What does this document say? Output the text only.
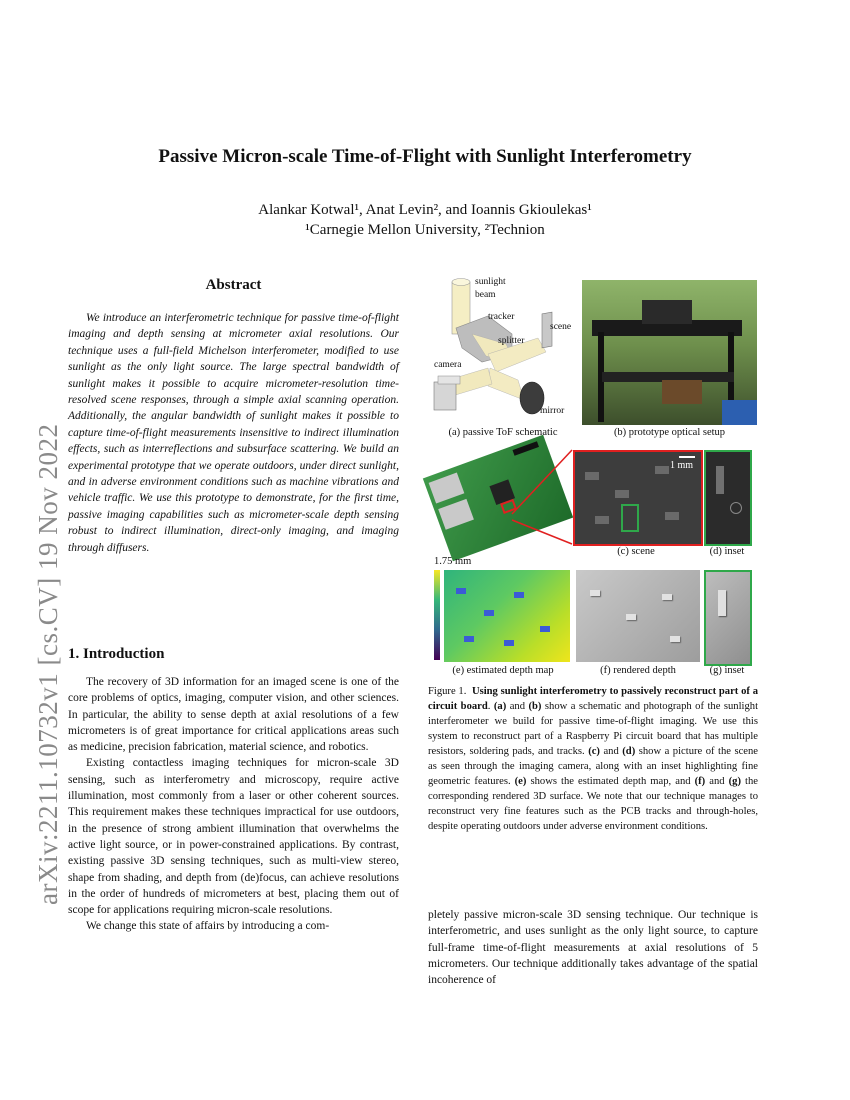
Passive Micron-scale Time-of-Flight with Sunlight Interferometry
Alankar Kotwal¹, Anat Levin², and Ioannis Gkioulekas¹
¹Carnegie Mellon University, ²Technion
arXiv:2211.10732v1 [cs.CV] 19 Nov 2022
Abstract

We introduce an interferometric technique for passive time-of-flight imaging and depth sensing at micrometer axial resolutions. Our technique uses a full-field Michelson interferometer, modified to use sunlight as the only light source. The large spectral bandwidth of sunlight makes it possible to acquire micrometer-resolution time-resolved scene responses, through a simple axial scanning operation. Additionally, the angular bandwidth of sunlight makes it possible to capture time-of-flight measurements insensitive to indirect illumination effects, such as interreflections and subsurface scattering. We build an experimental prototype that we operate outdoors, under direct sunlight, and in adverse environment conditions such as machine vibrations and vehicle traffic. We use this prototype to demonstrate, for the first time, passive imaging capabilities such as micrometer-scale depth sensing robust to indirect illumination, direct-only imaging, and imaging through diffusers.

1. Introduction

The recovery of 3D information for an imaged scene is one of the core problems of optics, imaging, computer vision, and other sciences. In particular, the ability to sense depth at axial resolutions of a few micrometers is of great importance for critical applications areas such as medicine, precision fabrication, material science, and robotics.

Existing contactless imaging techniques for micron-scale 3D sensing, such as interferometry and microscopy, require active illumination, most commonly from a laser or other coherent sources. This requirement makes these techniques impractical for use outdoors, in the presence of strong ambient illumination that overwhelms the active light source, or in power-constrained applications. By contrast, existing passive 3D sensing techniques, such as multi-view stereo, shape from shading, and depth from (de)focus, can achieve resolutions in the order of hundreds of micrometers at best, placing them out of scope for applications requiring micron-scale resolutions.

We change this state of affairs by introducing a com-

pletely passive micron-scale 3D sensing technique. Our technique is interferometric, and uses sunlight as the only light source, to capture full-frame time-of-flight measurements at axial resolutions of 5 micrometers. Our technique additionally takes advantage of the spatial incoherence of

sunlight
beam
tracker
scene
splitter
camera
mirror
(a) passive ToF schematic	(b) prototype optical setup
1 mm
(c) scene	(d) inset
1.75 mm
(e) estimated depth map	(f) rendered depth	(g) inset
Figure 1. Using sunlight interferometry to passively reconstruct part of a circuit board. (a) and (b) show a schematic and photograph of the sunlight interferometer we build for passive time-of-flight imaging. We use this system to reconstruct part of a Raspberry Pi circuit board that has multiple resistors, soldering pads, and tracks. (c) and (d) show a picture of the scene as seen through the imaging camera, along with an inset highlighting fine geometric features. (e) shows the estimated depth map, and (f) and (g) the corresponding rendered 3D surface. We note that our technique manages to reconstruct very fine features such as the PCB tracks and through-holes, despite operating outdoors under adverse environment conditions.
